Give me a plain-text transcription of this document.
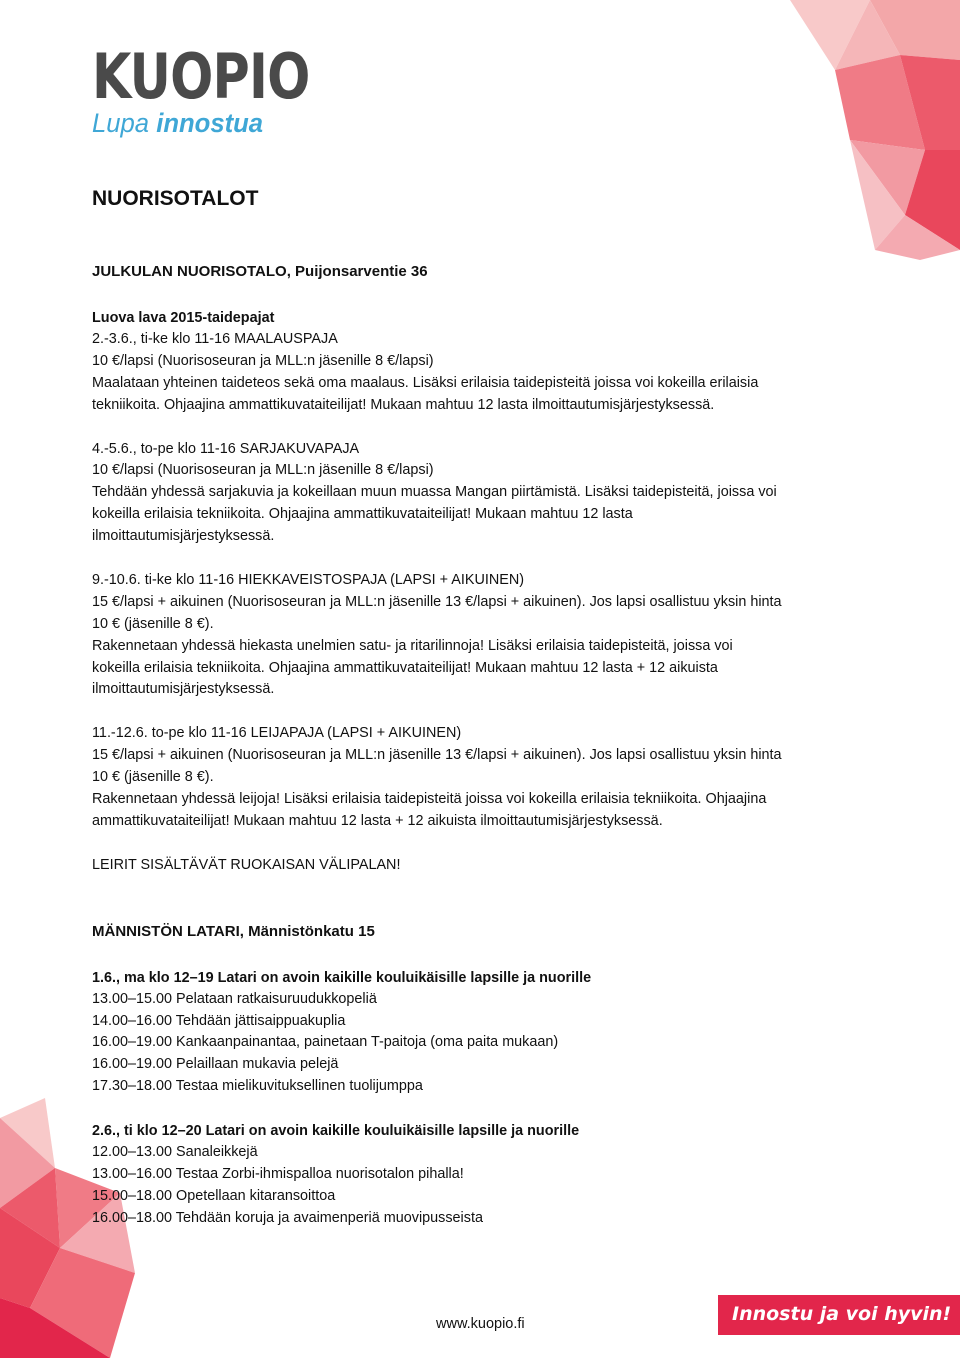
KUOPIO
Lupa innostua
NUORISOTALOT
JULKULAN NUORISOTALO, Puijonsarventie 36
Luova lava 2015-taidepajat

2.-3.6., ti-ke klo 11-16 MAALAUSPAJA

10 €/lapsi (Nuorisoseuran ja MLL:n jäsenille 8 €/lapsi)

Maalataan yhteinen taideteos sekä oma maalaus. Lisäksi erilaisia taidepisteitä joissa voi kokeilla erilaisia

tekniikoita. Ohjaajina ammattikuvataiteilijat! Mukaan mahtuu 12 lasta ilmoittautumisjärjestyksessä.

4.-5.6., to-pe klo 11-16 SARJAKUVAPAJA

10 €/lapsi (Nuorisoseuran ja MLL:n jäsenille 8 €/lapsi)

Tehdään yhdessä sarjakuvia ja kokeillaan muun muassa Mangan piirtämistä. Lisäksi taidepisteitä, joissa voi

kokeilla erilaisia tekniikoita. Ohjaajina ammattikuvataiteilijat! Mukaan mahtuu 12 lasta

ilmoittautumisjärjestyksessä.

9.-10.6. ti-ke klo 11-16 HIEKKAVEISTOSPAJA (LAPSI + AIKUINEN)

15 €/lapsi + aikuinen (Nuorisoseuran ja MLL:n jäsenille 13 €/lapsi + aikuinen). Jos lapsi osallistuu yksin hinta

10 € (jäsenille 8 €).

Rakennetaan yhdessä hiekasta unelmien satu- ja ritarilinnoja! Lisäksi erilaisia taidepisteitä, joissa voi

kokeilla erilaisia tekniikoita. Ohjaajina ammattikuvataiteilijat! Mukaan mahtuu 12 lasta + 12 aikuista

ilmoittautumisjärjestyksessä.

11.-12.6. to-pe klo 11-16 LEIJAPAJA (LAPSI + AIKUINEN)

15 €/lapsi + aikuinen (Nuorisoseuran ja MLL:n jäsenille 13 €/lapsi + aikuinen). Jos lapsi osallistuu yksin hinta

10 € (jäsenille 8 €).

Rakennetaan yhdessä leijoja! Lisäksi erilaisia taidepisteitä joissa voi kokeilla erilaisia tekniikoita. Ohjaajina

ammattikuvataiteilijat! Mukaan mahtuu 12 lasta + 12 aikuista ilmoittautumisjärjestyksessä.

LEIRIT SISÄLTÄVÄT RUOKAISAN VÄLIPALAN!

MÄNNISTÖN LATARI, Männistönkatu 15
1.6., ma klo 12–19 Latari on avoin kaikille kouluikäisille lapsille ja nuorille

13.00–15.00 Pelataan ratkaisuruudukkopeliä

14.00–16.00 Tehdään jättisaippuakuplia

16.00–19.00 Kankaanpainantaa, painetaan T-paitoja (oma paita mukaan)

16.00–19.00 Pelaillaan mukavia pelejä

17.30–18.00 Testaa mielikuvituksellinen tuolijumppa

2.6., ti klo 12–20 Latari on avoin kaikille kouluikäisille lapsille ja nuorille

12.00–13.00 Sanaleikkejä

13.00–16.00 Testaa Zorbi-ihmispalloa nuorisotalon pihalla!

15.00–18.00 Opetellaan kitaransoittoa

16.00–18.00 Tehdään koruja ja avaimenperiä muovipusseista

www.kuopio.fi	Innostu ja voi hyvin!
